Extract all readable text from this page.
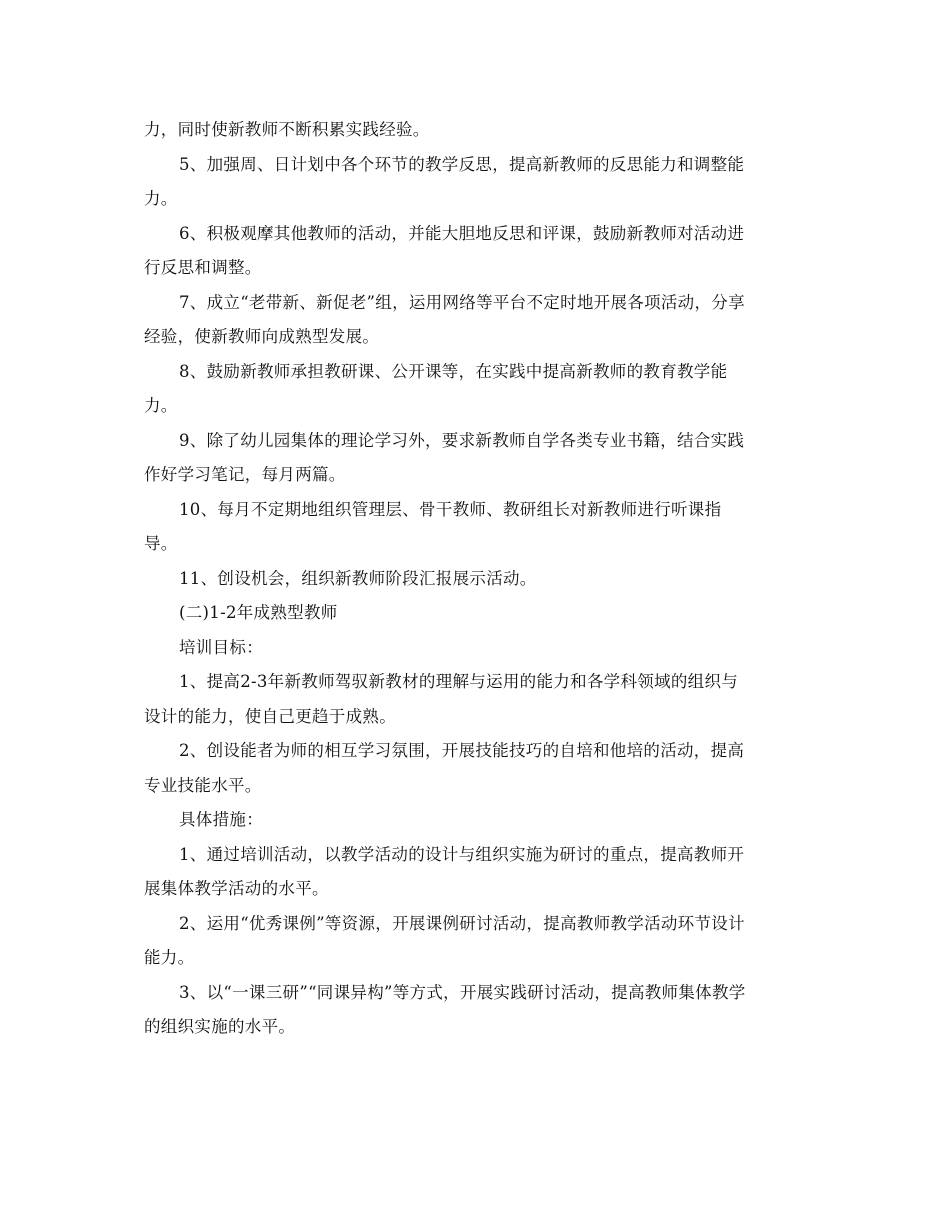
力，同时使新教师不断积累实践经验。
5、加强周、日计划中各个环节的教学反思，提高新教师的反思能力和调整能
力。
6、积极观摩其他教师的活动，并能大胆地反思和评课，鼓励新教师对活动进
行反思和调整。
7、成立“老带新、新促老”组，运用网络等平台不定时地开展各项活动，分享
经验，使新教师向成熟型发展。
8、鼓励新教师承担教研课、公开课等，在实践中提高新教师的教育教学能
力。
9、除了幼儿园集体的理论学习外，要求新教师自学各类专业书籍，结合实践
作好学习笔记，每月两篇。
10、每月不定期地组织管理层、骨干教师、教研组长对新教师进行听课指
导。
11、创设机会，组织新教师阶段汇报展示活动。
(二)1-2年成熟型教师
培训目标：
1、提高2-3年新教师驾驭新教材的理解与运用的能力和各学科领域的组织与
设计的能力，使自己更趋于成熟。
2、创设能者为师的相互学习氛围，开展技能技巧的自培和他培的活动，提高
专业技能水平。
具体措施：
1、通过培训活动，以教学活动的设计与组织实施为研讨的重点，提高教师开
展集体教学活动的水平。
2、运用“优秀课例”等资源，开展课例研讨活动，提高教师教学活动环节设计
能力。
3、以“一课三研”“同课异构”等方式，开展实践研讨活动，提高教师集体教学
的组织实施的水平。
